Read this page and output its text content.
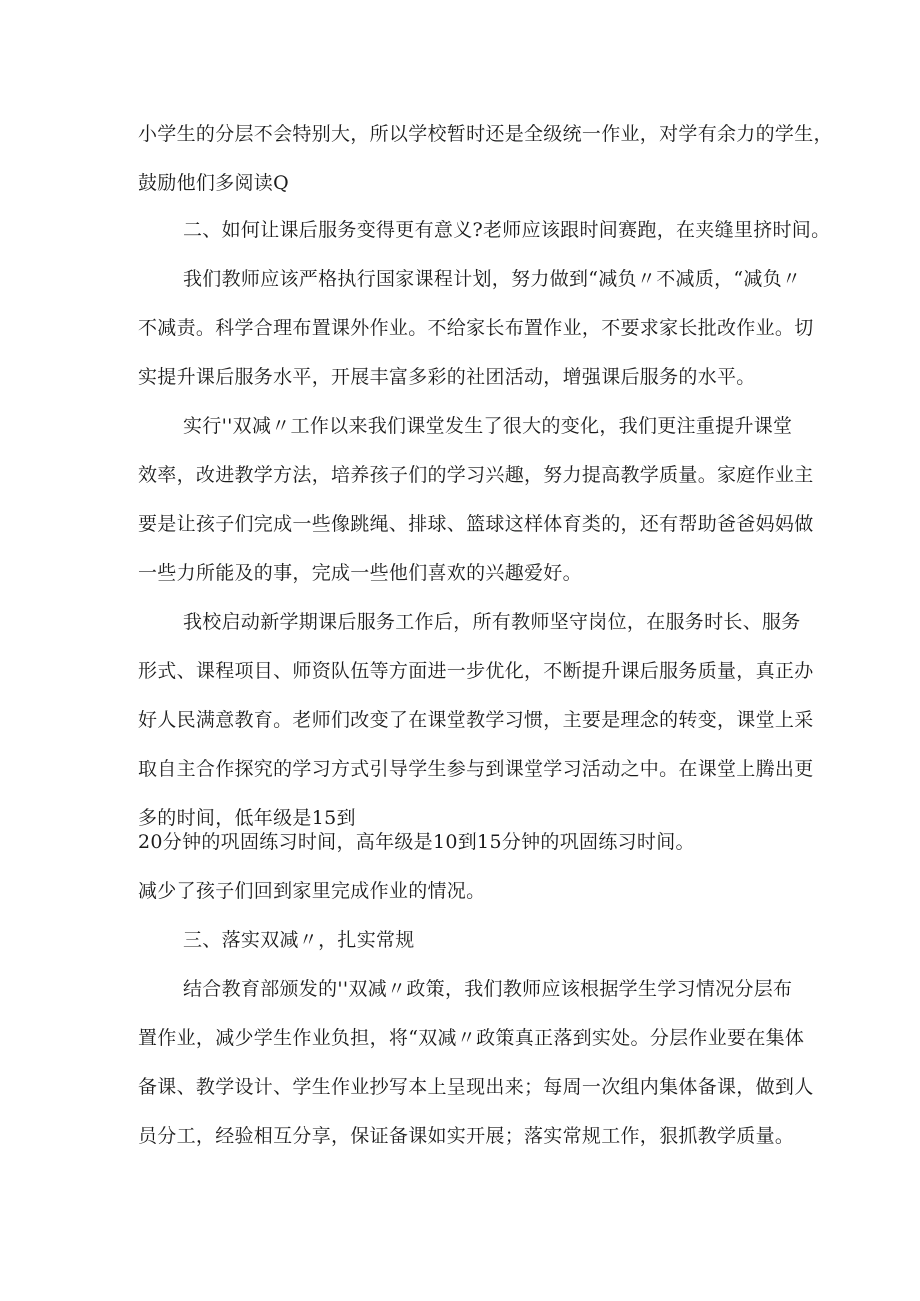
小学生的分层不会特别大，所以学校暂时还是全级统一作业，对学有余力的学生，
鼓励他们多阅读Q
二、如何让课后服务变得更有意义?老师应该跟时间赛跑，在夹缝里挤时间。
我们教师应该严格执行国家课程计划，努力做到“减负〃不减质，“减负〃
不减责。科学合理布置课外作业。不给家长布置作业，不要求家长批改作业。切
实提升课后服务水平，开展丰富多彩的社团活动，增强课后服务的水平。
实行''双减〃工作以来我们课堂发生了很大的变化，我们更注重提升课堂
效率，改进教学方法，培养孩子们的学习兴趣，努力提高教学质量。家庭作业主
要是让孩子们完成一些像跳绳、排球、篮球这样体育类的，还有帮助爸爸妈妈做
一些力所能及的事，完成一些他们喜欢的兴趣爱好。
我校启动新学期课后服务工作后，所有教师坚守岗位，在服务时长、服务
形式、课程项目、师资队伍等方面进一步优化，不断提升课后服务质量，真正办
好人民满意教育。老师们改变了在课堂教学习惯，主要是理念的转变，课堂上采
取自主合作探究的学习方式引导学生参与到课堂学习活动之中。在课堂上腾出更
多的时间，低年级是15到
20分钟的巩固练习时间，高年级是10到15分钟的巩固练习时间。
减少了孩子们回到家里完成作业的情况。
三、落实双减〃，扎实常规
结合教育部颁发的''双减〃政策，我们教师应该根据学生学习情况分层布
置作业，减少学生作业负担，将“双减〃政策真正落到实处。分层作业要在集体
备课、教学设计、学生作业抄写本上呈现出来；每周一次组内集体备课，做到人
员分工，经验相互分享，保证备课如实开展；落实常规工作，狠抓教学质量。
